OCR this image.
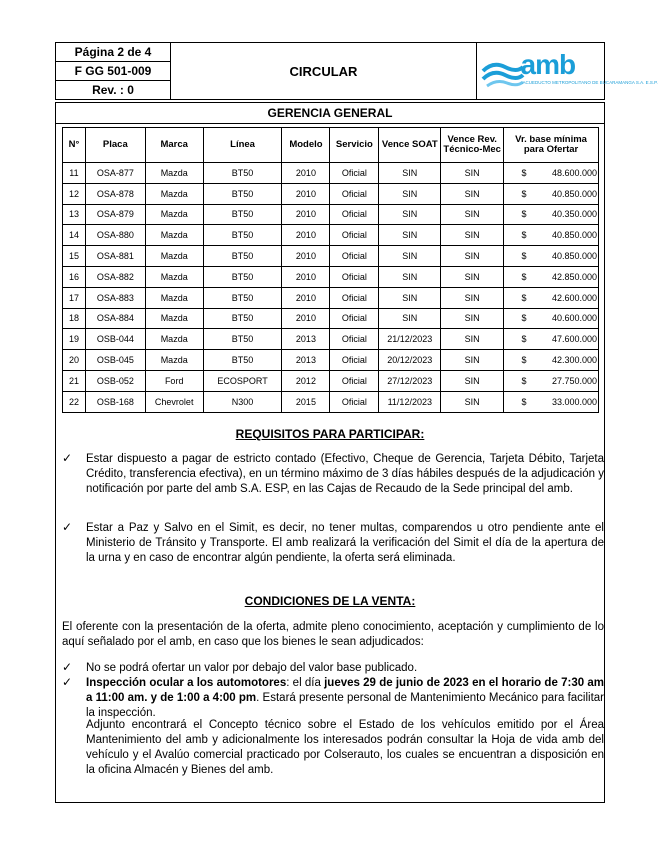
Página 2 de 4
F GG 501-009
Rev. : 0
CIRCULAR	amb
ACUEDUCTO METROPOLITANO DE BUCARAMANGA S.A. E.S.P.
GERENCIA GENERAL
N°	Placa	Marca	Línea	Modelo	Servicio	Vence SOAT	Vence Rev. Técnico-Mec	Vr. base mínima para Ofertar
11	OSA-877	Mazda	BT50	2010	Oficial	SIN	SIN	$ 48.600.000
12	OSA-878	Mazda	BT50	2010	Oficial	SIN	SIN	$ 40.850.000
13	OSA-879	Mazda	BT50	2010	Oficial	SIN	SIN	$ 40.350.000
14	OSA-880	Mazda	BT50	2010	Oficial	SIN	SIN	$ 40.850.000
15	OSA-881	Mazda	BT50	2010	Oficial	SIN	SIN	$ 40.850.000
16	OSA-882	Mazda	BT50	2010	Oficial	SIN	SIN	$ 42.850.000
17	OSA-883	Mazda	BT50	2010	Oficial	SIN	SIN	$ 42.600.000
18	OSA-884	Mazda	BT50	2010	Oficial	SIN	SIN	$ 40.600.000
19	OSB-044	Mazda	BT50	2013	Oficial	21/12/2023	SIN	$ 47.600.000
20	OSB-045	Mazda	BT50	2013	Oficial	20/12/2023	SIN	$ 42.300.000
21	OSB-052	Ford	ECOSPORT	2012	Oficial	27/12/2023	SIN	$ 27.750.000
22	OSB-168	Chevrolet	N300	2015	Oficial	11/12/2023	SIN	$ 33.000.000
REQUISITOS PARA PARTICIPAR:
✓ Estar dispuesto a pagar de estricto contado (Efectivo, Cheque de Gerencia, Tarjeta Débito, Tarjeta Crédito, transferencia efectiva), en un término máximo de 3 días hábiles después de la adjudicación y notificación por parte del amb S.A. ESP, en las Cajas de Recaudo de la Sede principal del amb.
✓ Estar a Paz y Salvo en el Simit, es decir, no tener multas, comparendos u otro pendiente ante el Ministerio de Tránsito y Transporte. El amb realizará la verificación del Simit el día de la apertura de la urna y en caso de encontrar algún pendiente, la oferta será eliminada.
CONDICIONES DE LA VENTA:
El oferente con la presentación de la oferta, admite pleno conocimiento, aceptación y cumplimiento de lo aquí señalado por el amb, en caso que los bienes le sean adjudicados:
✓ No se podrá ofertar un valor por debajo del valor base publicado.
✓ Inspección ocular a los automotores: el día jueves 29 de junio de 2023 en el horario de 7:30 am a 11:00 am. y de 1:00 a 4:00 pm. Estará presente personal de Mantenimiento Mecánico para facilitar la inspección.
Adjunto encontrará el Concepto técnico sobre el Estado de los vehículos emitido por el Área Mantenimiento del amb y adicionalmente los interesados podrán consultar la Hoja de vida amb del vehículo y el Avalúo comercial practicado por Colserauto, los cuales se encuentran a disposición en la oficina Almacén y Bienes del amb.
